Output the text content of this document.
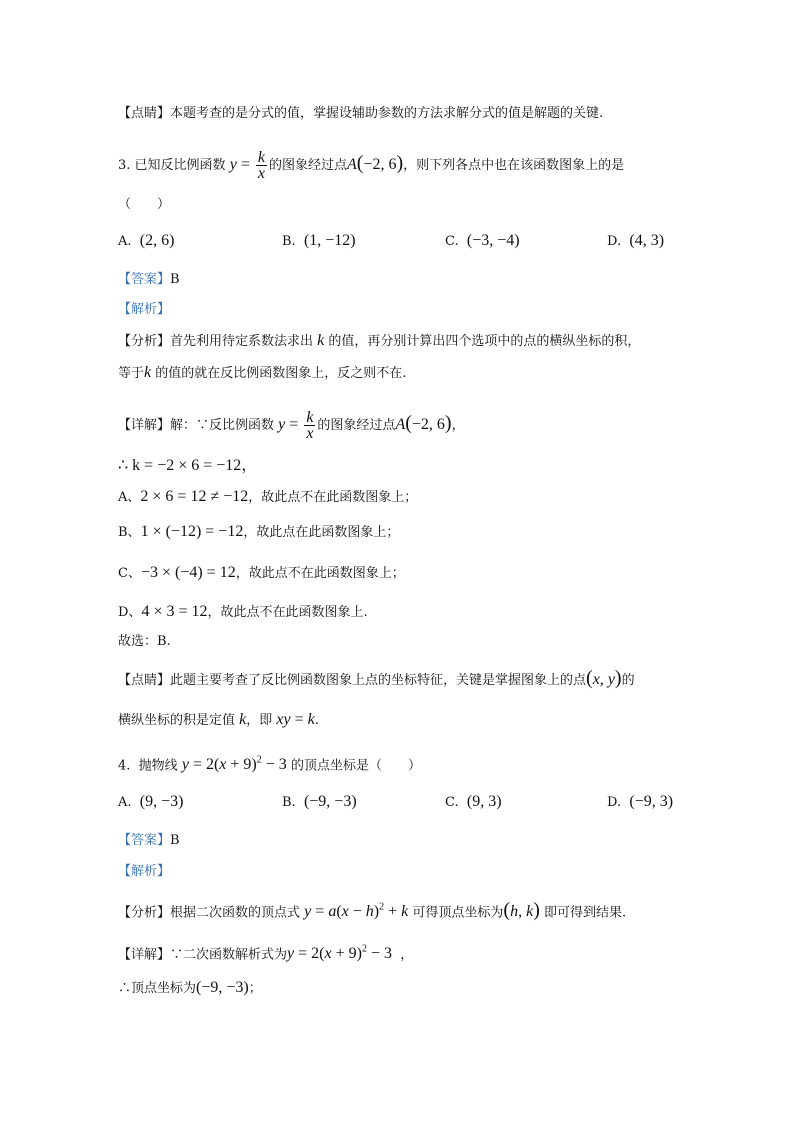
【点睛】本题考查的是分式的值，掌握设辅助参数的方法求解分式的值是解题的关键.
3. 已知反比例函数 $y = \frac{k}{x}$ 的图象经过点A(−2, 6)，则下列各点中也在该函数图象上的是
（　　）
A. (2, 6)	B. (1, −12)	C. (−3, −4)	D. (4, 3)
【答案】B
【解析】
【分析】首先利用待定系数法求出 k 的值，再分别计算出四个选项中的点的横纵坐标的积，
等于k 的值的就在反比例函数图象上，反之则不在.
【详解】解：∵反比例函数 $y = \frac{k}{x}$ 的图象经过点A(−2, 6)，
∴ k = −2 × 6 = −12，
A、2 × 6 = 12 ≠ −12，故此点不在此函数图象上；
B、1 × (−12) = −12，故此点在此函数图象上；
C、−3 × (−4) = 12，故此点不在此函数图象上；
D、4 × 3 = 12，故此点不在此函数图象上.
故选：B.
【点睛】此题主要考查了反比例函数图象上点的坐标特征，关键是掌握图象上的点(x, y)的
横纵坐标的积是定值 k，即 xy = k.
4. 抛物线 $y = 2(x + 9)^2 - 3$ 的顶点坐标是（　　）
A. (9, −3)	B. (−9, −3)	C. (9, 3)	D. (−9, 3)
【答案】B
【解析】
【分析】根据二次函数的顶点式 $y = a(x - h)^2 + k$ 可得顶点坐标为(h, k) 即可得到结果.
【详解】∵二次函数解析式为$y = 2(x + 9)^2 - 3$ ，
∴顶点坐标为(−9, −3)；
